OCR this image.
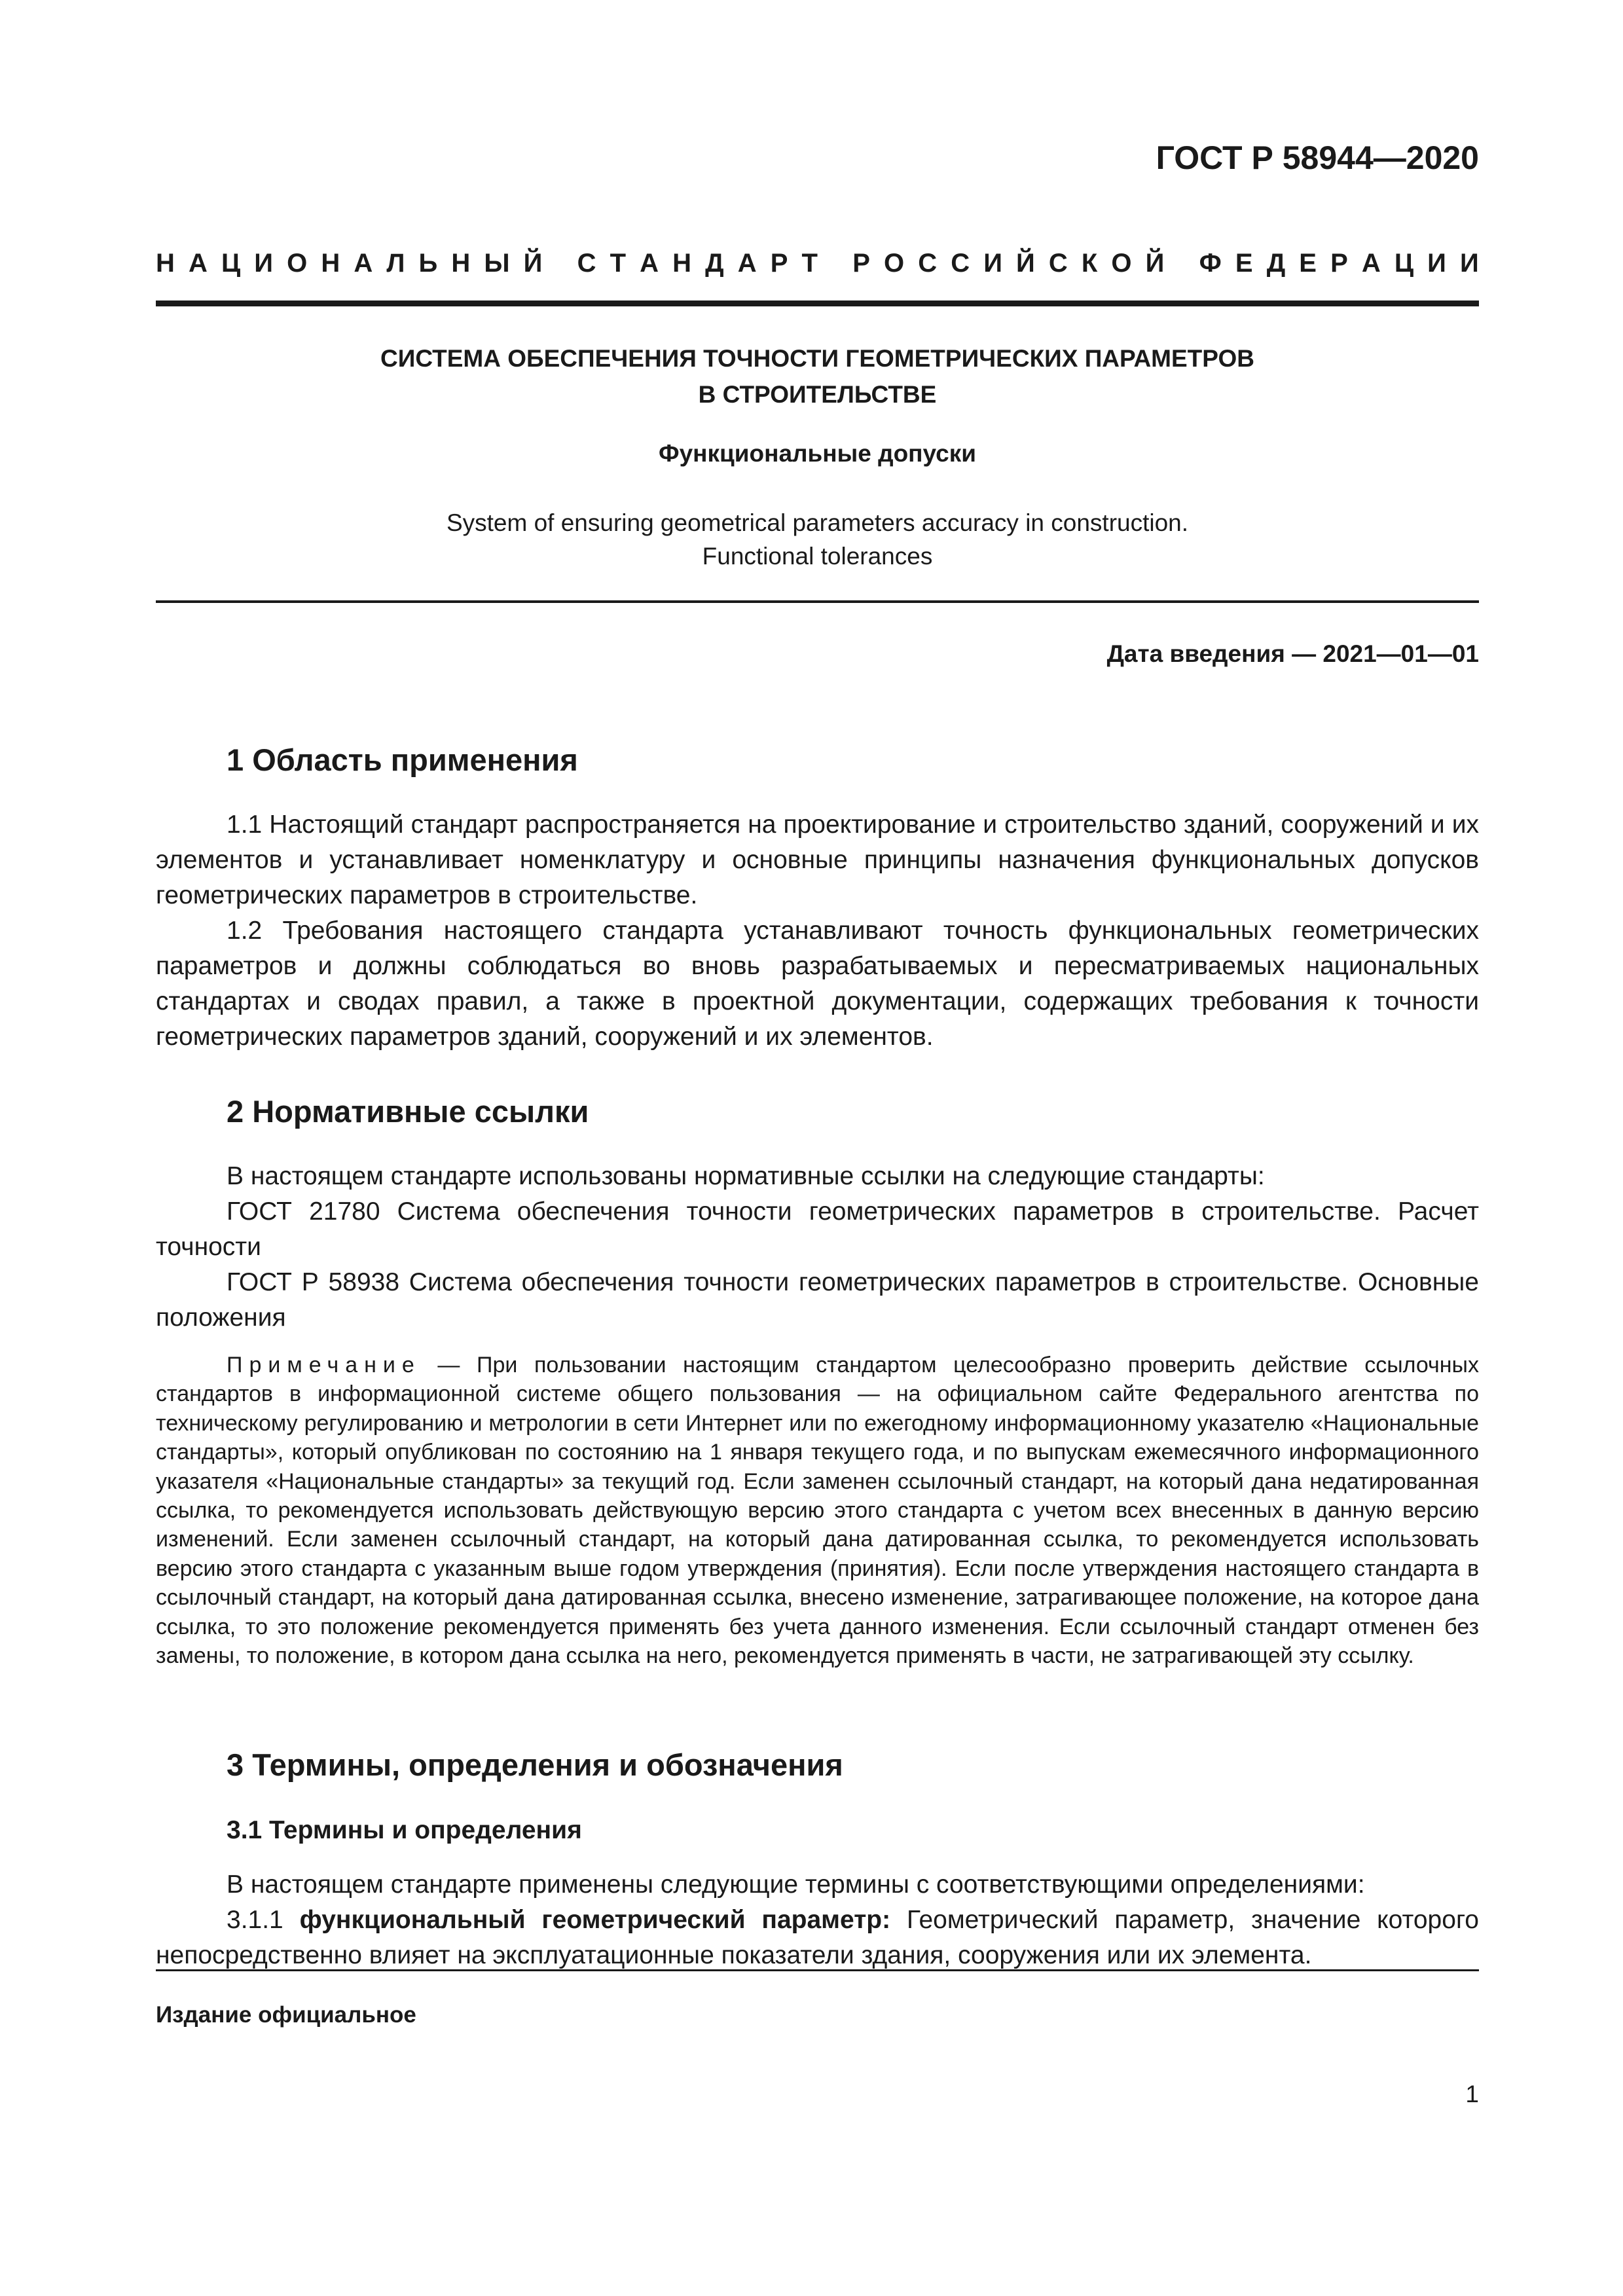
ГОСТ Р 58944—2020
Н А Ц И О Н А Л Ь Н Ы Й
С Т А Н Д А Р Т
Р О С С И Й С К О Й
Ф Е Д Е Р А Ц И И
СИСТЕМА ОБЕСПЕЧЕНИЯ ТОЧНОСТИ ГЕОМЕТРИЧЕСКИХ ПАРАМЕТРОВ
В СТРОИТЕЛЬСТВЕ
Функциональные допуски
System of ensuring geometrical parameters accuracy in construction.
Functional tolerances
Дата введения — 2021—01—01
1 Область применения

1.1 Настоящий стандарт распространяется на проектирование и строительство зданий, сооружений и их элементов и устанавливает номенклатуру и основные принципы назначения функциональных допусков геометрических параметров в строительстве.

1.2 Требования настоящего стандарта устанавливают точность функциональных геометрических параметров и должны соблюдаться во вновь разрабатываемых и пересматриваемых национальных стандартах и сводах правил, а также в проектной документации, содержащих требования к точности геометрических параметров зданий, сооружений и их элементов.

2 Нормативные ссылки

В настоящем стандарте использованы нормативные ссылки на следующие стандарты:

ГОСТ 21780 Система обеспечения точности геометрических параметров в строительстве. Расчет точности

ГОСТ Р 58938 Система обеспечения точности геометрических параметров в строительстве. Основные положения

Примечание — При пользовании настоящим стандартом целесообразно проверить действие ссылочных стандартов в информационной системе общего пользования — на официальном сайте Федерального агентства по техническому регулированию и метрологии в сети Интернет или по ежегодному информационному указателю «Национальные стандарты», который опубликован по состоянию на 1 января текущего года, и по выпускам ежемесячного информационного указателя «Национальные стандарты» за текущий год. Если заменен ссылочный стандарт, на который дана недатированная ссылка, то рекомендуется использовать действующую версию этого стандарта с учетом всех внесенных в данную версию изменений. Если заменен ссылочный стандарт, на который дана датированная ссылка, то рекомендуется использовать версию этого стандарта с указанным выше годом утверждения (принятия). Если после утверждения настоящего стандарта в ссылочный стандарт, на который дана датированная ссылка, внесено изменение, затрагивающее положение, на которое дана ссылка, то это положение рекомендуется применять без учета данного изменения. Если ссылочный стандарт отменен без замены, то положение, в котором дана ссылка на него, рекомендуется применять в части, не затрагивающей эту ссылку.

3 Термины, определения и обозначения
3.1 Термины и определения

В настоящем стандарте применены следующие термины с соответствующими определениями:

3.1.1 функциональный геометрический параметр: Геометрический параметр, значение которого непосредственно влияет на эксплуатационные показатели здания, сооружения или их элемента.

Издание официальное
1
